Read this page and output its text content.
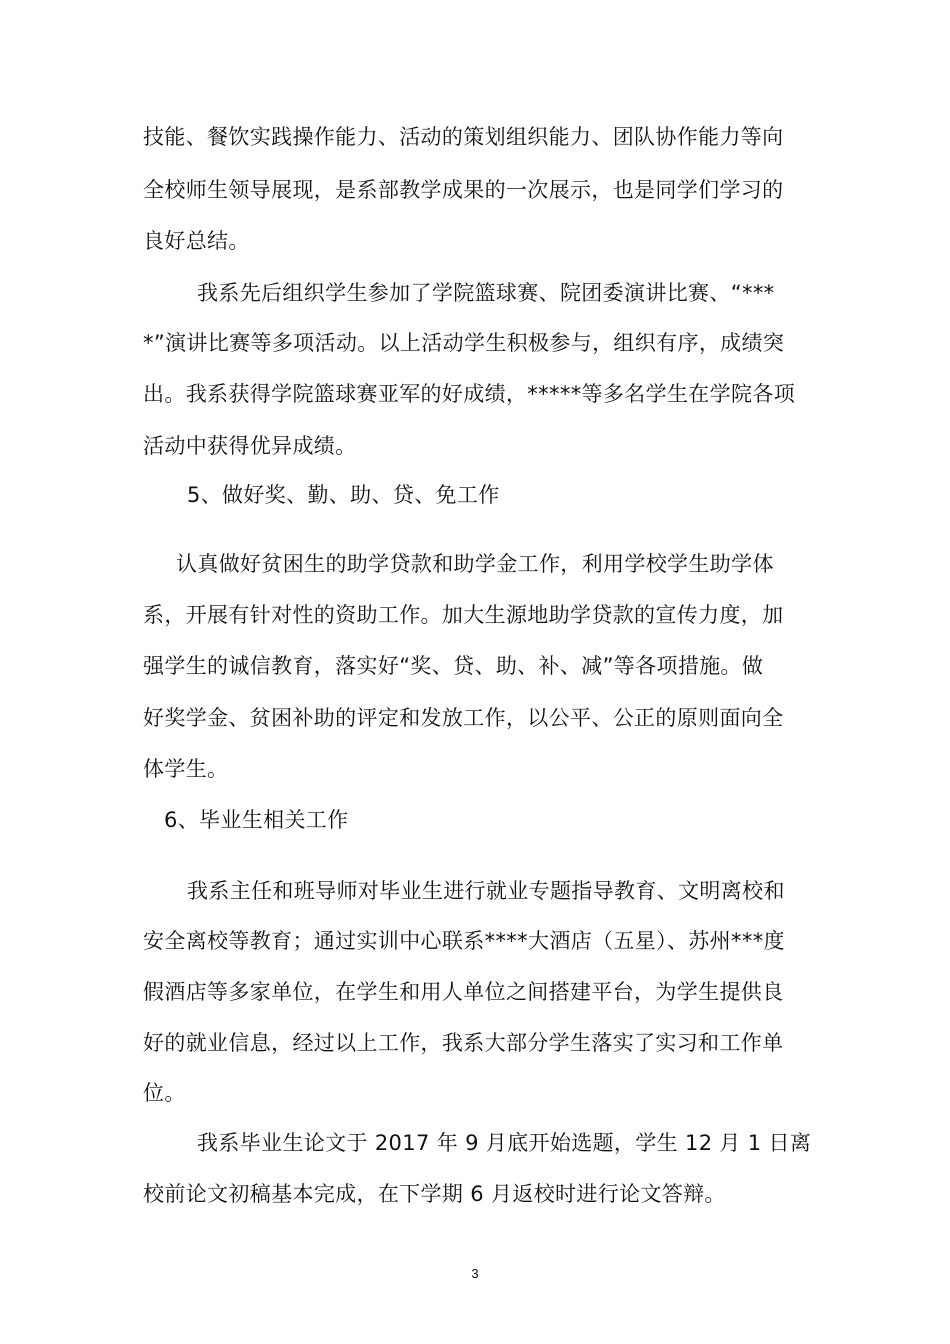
技能、餐饮实践操作能力、活动的策划组织能力、团队协作能力等向
全校师生领导展现，是系部教学成果的一次展示，也是同学们学习的
良好总结。
我系先后组织学生参加了学院篮球赛、院团委演讲比赛、“***
*”演讲比赛等多项活动。以上活动学生积极参与，组织有序，成绩突
出。我系获得学院篮球赛亚军的好成绩，*****等多名学生在学院各项
活动中获得优异成绩。
5、做好奖、勤、助、贷、免工作
认真做好贫困生的助学贷款和助学金工作，利用学校学生助学体
系，开展有针对性的资助工作。加大生源地助学贷款的宣传力度，加
强学生的诚信教育，落实好“奖、贷、助、补、减”等各项措施。做
好奖学金、贫困补助的评定和发放工作，以公平、公正的原则面向全
体学生。
6、毕业生相关工作
我系主任和班导师对毕业生进行就业专题指导教育、文明离校和
安全离校等教育；通过实训中心联系****大酒店（五星）、苏州***度
假酒店等多家单位，在学生和用人单位之间搭建平台，为学生提供良
好的就业信息，经过以上工作，我系大部分学生落实了实习和工作单
位。
我系毕业生论文于 2017 年 9 月底开始选题，学生 12 月 1 日离
校前论文初稿基本完成，在下学期 6 月返校时进行论文答辩。
3
